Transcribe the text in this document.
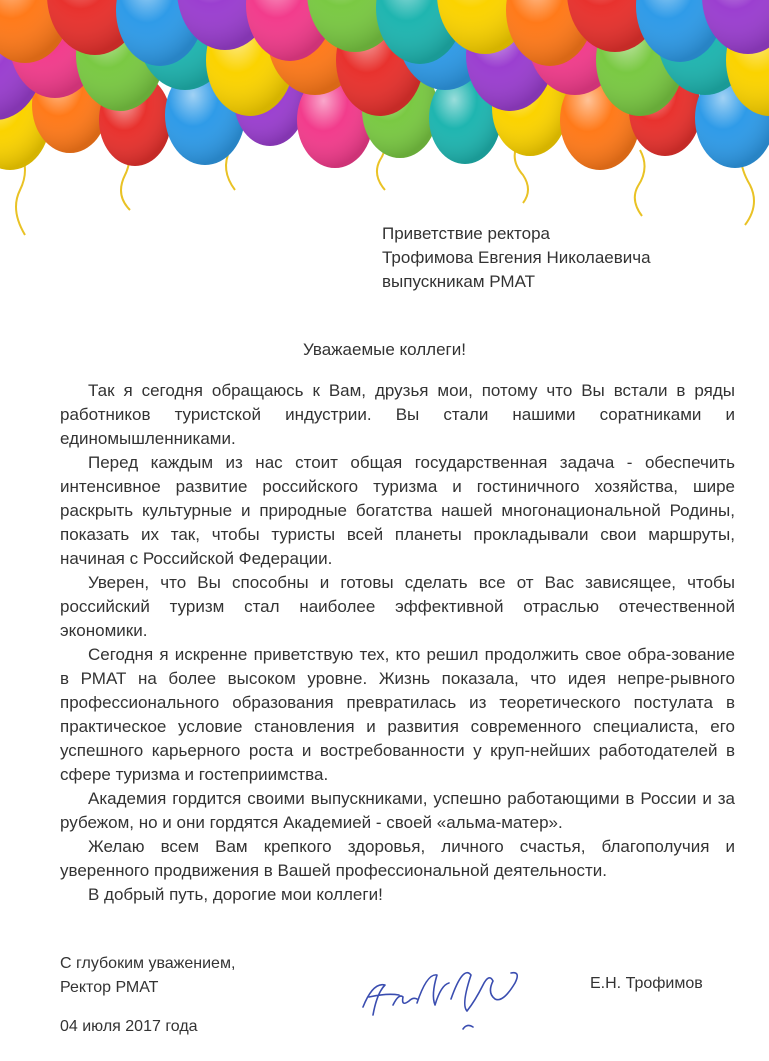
Приветствие ректора
Трофимова Евгения Николаевича
выпускникам РМАТ
Уважаемые коллеги!

Так я сегодня обращаюсь к Вам, друзья мои, потому что Вы встали в ряды работников туристской индустрии. Вы стали нашими соратниками и единомышленниками.

Перед каждым из нас стоит общая государственная задача - обеспечить интенсивное развитие российского туризма и гостиничного хозяйства, шире раскрыть культурные и природные богатства нашей многонациональной Родины, показать их так, чтобы туристы всей планеты прокладывали свои маршруты, начиная с Российской Федерации.

Уверен, что Вы способны и готовы сделать все от Вас зависящее, чтобы российский туризм стал наиболее эффективной отраслью отечественной экономики.

Сегодня я искренне приветствую тех, кто решил продолжить свое обра-зование в РМАТ на более высоком уровне. Жизнь показала, что идея непре-рывного профессионального образования превратилась из теоретического постулата в практическое условие становления и развития современного специалиста, его успешного карьерного роста и востребованности у круп-нейших работодателей в сфере туризма и гостеприимства.

Академия гордится своими выпускниками, успешно работающими в России и за рубежом, но и они гордятся Академией - своей «альма-матер».

Желаю всем Вам крепкого здоровья, личного счастья, благополучия и уверенного продвижения в Вашей профессиональной деятельности.

В добрый путь, дорогие мои коллеги!

С глубоким уважением,
Ректор РМАТ	Е.Н. Трофимов
04 июля 2017 года
